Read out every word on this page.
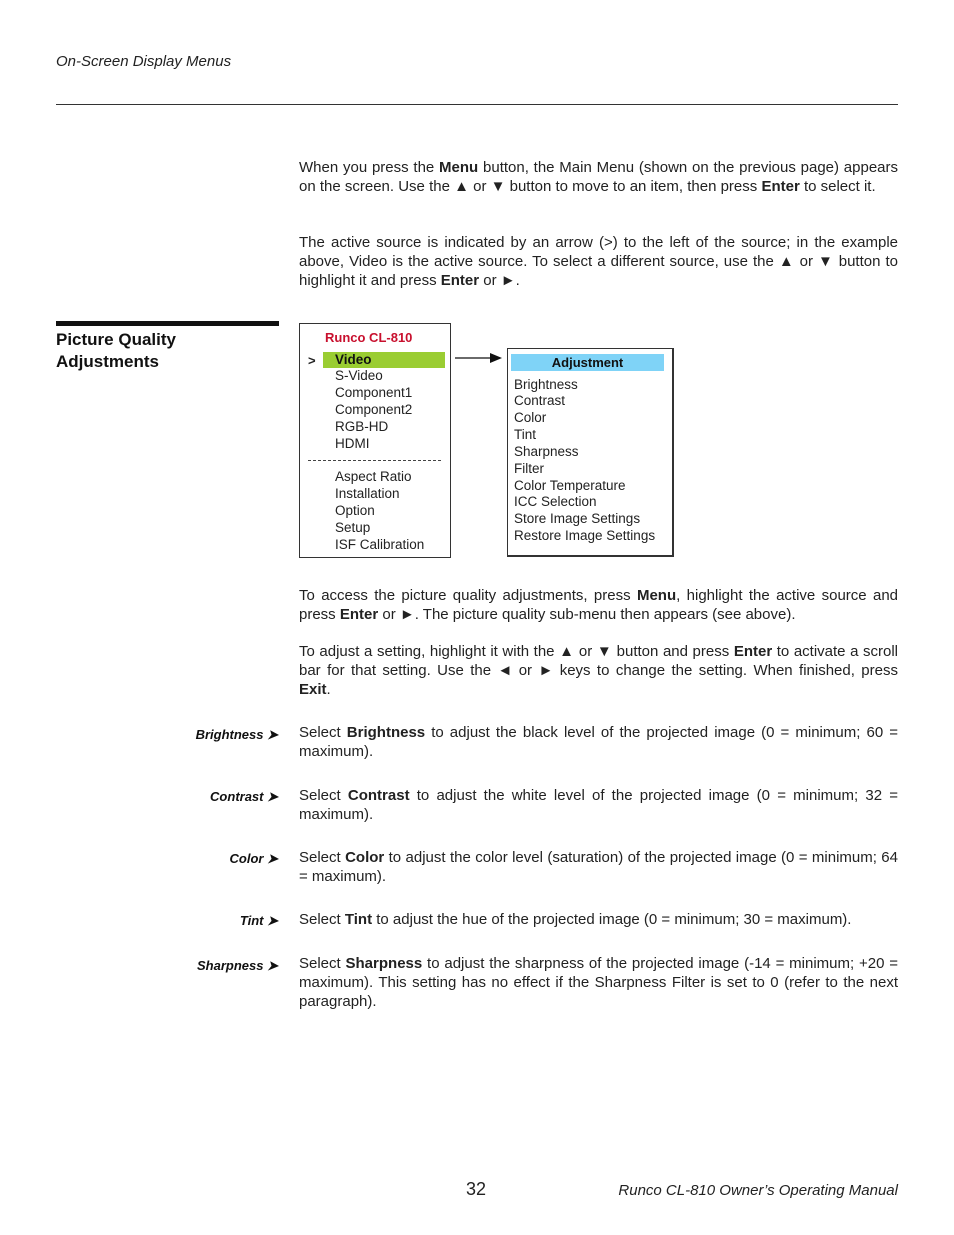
On-Screen Display Menus

When you press the Menu button, the Main Menu (shown on the previous page) appears on the screen. Use the ▲ or ▼ button to move to an item, then press Enter to select it.

The active source is indicated by an arrow (>) to the left of the source; in the example above, Video is the active source. To select a different source, use the ▲ or ▼ button to highlight it and press Enter or ►.

Picture Quality
Adjustments
Runco CL-810
> Video
S-Video
Component1
Component2
RGB-HD
HDMI
Aspect Ratio
Installation
Option
Setup
ISF Calibration
Adjustment
Brightness
Contrast
Color
Tint
Sharpness
Filter
Color Temperature
ICC Selection
Store Image Settings
Restore Image Settings

To access the picture quality adjustments, press Menu, highlight the active source and press Enter or ►. The picture quality sub-menu then appears (see above).

To adjust a setting, highlight it with the ▲ or ▼ button and press Enter to activate a scroll bar for that setting. Use the ◄ or ► keys to change the setting. When finished, press Exit.

Brightness ➤ Select Brightness to adjust the black level of the projected image (0 = minimum; 60 = maximum).

Contrast ➤ Select Contrast to adjust the white level of the projected image (0 = minimum; 32 = maximum).

Color ➤ Select Color to adjust the color level (saturation) of the projected image (0 = minimum; 64 = maximum).

Tint ➤ Select Tint to adjust the hue of the projected image (0 = minimum; 30 = maximum).

Sharpness ➤ Select Sharpness to adjust the sharpness of the projected image (-14 = minimum; +20 = maximum). This setting has no effect if the Sharpness Filter is set to 0 (refer to the next paragraph).

32	Runco CL-810 Owner’s Operating Manual
